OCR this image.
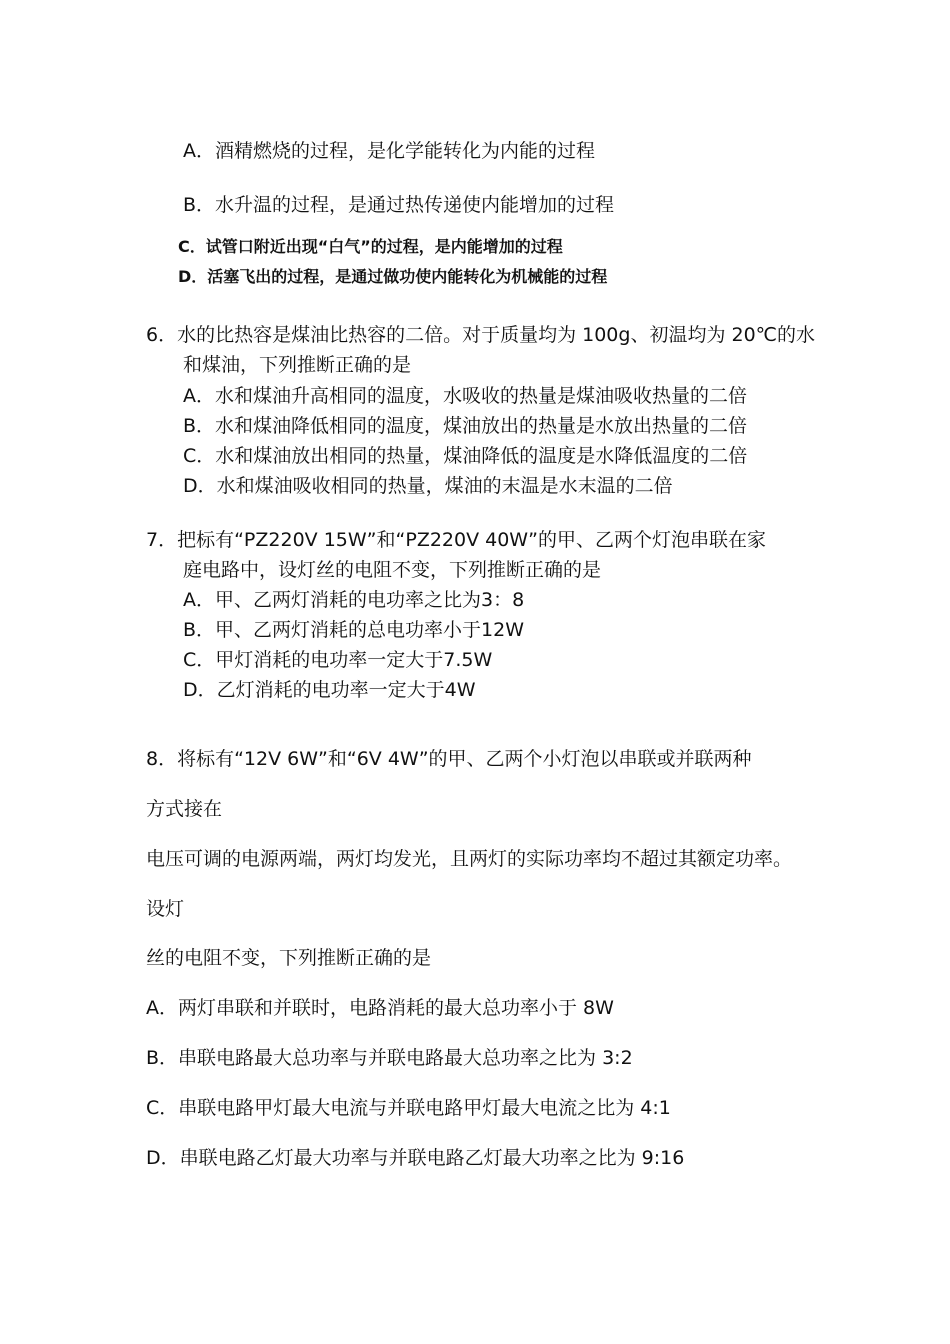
A．酒精燃烧的过程，是化学能转化为内能的过程
B．水升温的过程，是通过热传递使内能增加的过程
C．试管口附近出现“白气”的过程，是内能增加的过程
D．活塞飞出的过程，是通过做功使内能转化为机械能的过程
6．水的比热容是煤油比热容的二倍。对于质量均为 100g、初温均为 20℃的水
和煤油，下列推断正确的是
A．水和煤油升高相同的温度，水吸收的热量是煤油吸收热量的二倍
B．水和煤油降低相同的温度，煤油放出的热量是水放出热量的二倍
C．水和煤油放出相同的热量，煤油降低的温度是水降低温度的二倍
D．水和煤油吸收相同的热量，煤油的末温是水末温的二倍
7．把标有“PZ220V 15W”和“PZ220V 40W”的甲、乙两个灯泡串联在家
庭电路中，设灯丝的电阻不变，下列推断正确的是
A．甲、乙两灯消耗的电功率之比为3：8
B．甲、乙两灯消耗的总电功率小于12W
C．甲灯消耗的电功率一定大于7.5W
D．乙灯消耗的电功率一定大于4W
8．将标有“12V 6W”和“6V 4W”的甲、乙两个小灯泡以串联或并联两种
方式接在
电压可调的电源两端，两灯均发光，且两灯的实际功率均不超过其额定功率。
设灯
丝的电阻不变，下列推断正确的是
A．两灯串联和并联时，电路消耗的最大总功率小于 8W
B．串联电路最大总功率与并联电路最大总功率之比为 3:2
C．串联电路甲灯最大电流与并联电路甲灯最大电流之比为 4:1
D．串联电路乙灯最大功率与并联电路乙灯最大功率之比为 9:16
